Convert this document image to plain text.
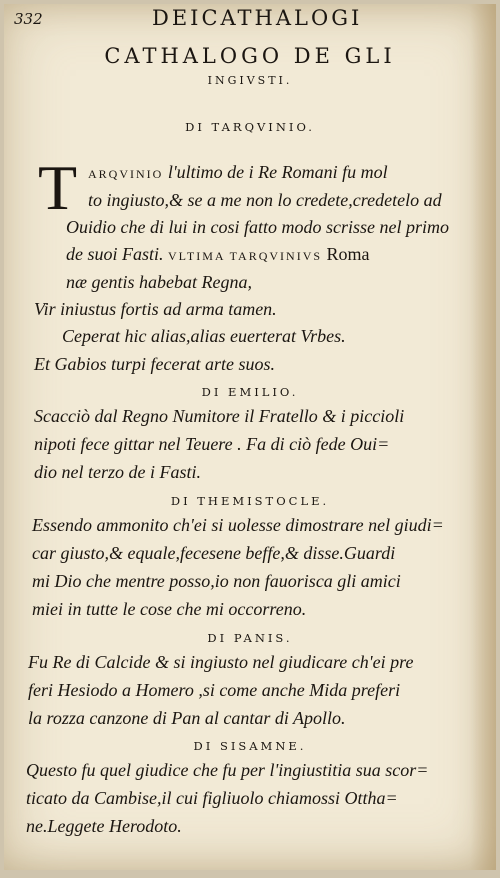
332	DEICATHALOGI
CATHALOGO DE GLI
INGIVSTI.
DI TARQVINIO.
T ARQVINIO l'ultimo de i Re Romani fu mol
to ingiusto,& se a me non lo credete,credetelo ad
Ouidio che di lui in cosi fatto modo scrisse nel primo
de suoi Fasti. VLTIMA TARQVINIVS Roma
næ gentis habebat Regna,
Vir iniustus fortis ad arma tamen.
Ceperat hic alias,alias euerterat Vrbes.
Et Gabios turpi fecerat arte suos.
DI EMILIO.
Scacciò dal Regno Numitore il Fratello & i piccioli
nipoti fece gittar nel Teuere . Fa di ciò fede Oui=
dio nel terzo de i Fasti.
DI THEMISTOCLE.
Essendo ammonito ch'ei si uolesse dimostrare nel giudi=
car giusto,& equale,fecesene beffe,& disse.Guardi
mi Dio che mentre posso,io non fauorisca gli amici
miei in tutte le cose che mi occorreno.
DI PANIS.
Fu Re di Calcide & si ingiusto nel giudicare ch'ei pre
feri Hesiodo a Homero ,si come anche Mida preferi
la rozza canzone di Pan al cantar di Apollo.
DI SISAMNE.
Questo fu quel giudice che fu per l'ingiustitia sua scor=
ticato da Cambise,il cui figliuolo chiamossi Ottha=
ne.Leggete Herodoto.
